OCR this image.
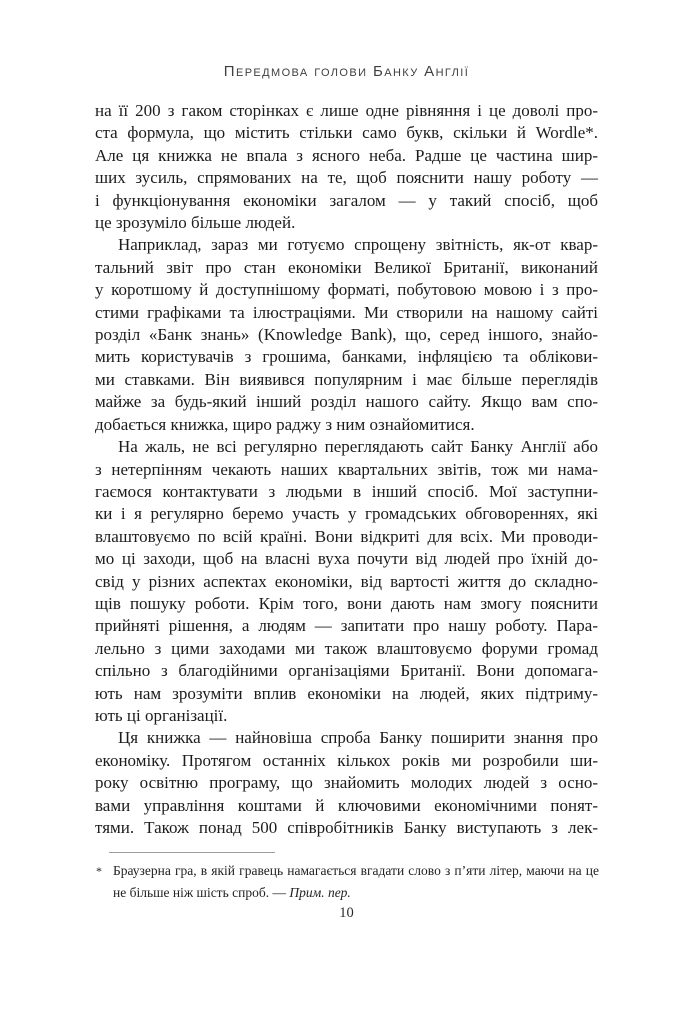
Передмова голови Банку Англії
на її 200 з гаком сторінках є лише одне рівняння і це доволі про-
ста формула, що містить стільки само букв, скільки й Wordle*.
Але ця книжка не впала з ясного неба. Радше це частина шир-
ших зусиль, спрямованих на те, щоб пояснити нашу роботу —
і функціонування економіки загалом — у такий спосіб, щоб
це зрозуміло більше людей.
Наприклад, зараз ми готуємо спрощену звітність, як-от квар-
тальний звіт про стан економіки Великої Британії, виконаний
у коротшому й доступнішому форматі, побутовою мовою і з про-
стими графіками та ілюстраціями. Ми створили на нашому сайті
розділ «Банк знань» (Knowledge Bank), що, серед іншого, знайо-
мить користувачів з грошима, банками, інфляцією та облікови-
ми ставками. Він виявився популярним і має більше переглядів
майже за будь-який інший розділ нашого сайту. Якщо вам спо-
добається книжка, щиро раджу з ним ознайомитися.
На жаль, не всі регулярно переглядають сайт Банку Англії або
з нетерпінням чекають наших квартальних звітів, тож ми нама-
гаємося контактувати з людьми в інший спосіб. Мої заступни-
ки і я регулярно беремо участь у громадських обговореннях, які
влаштовуємо по всій країні. Вони відкриті для всіх. Ми проводи-
мо ці заходи, щоб на власні вуха почути від людей про їхній до-
свід у різних аспектах економіки, від вартості життя до складно-
щів пошуку роботи. Крім того, вони дають нам змогу пояснити
прийняті рішення, а людям — запитати про нашу роботу. Пара-
лельно з цими заходами ми також влаштовуємо форуми громад
спільно з благодійними організаціями Британії. Вони допомага-
ють нам зрозуміти вплив економіки на людей, яких підтриму-
ють ці організації.
Ця книжка — найновіша спроба Банку поширити знання про
економіку. Протягом останніх кількох років ми розробили ши-
року освітню програму, що знайомить молодих людей з осно-
вами управління коштами й ключовими економічними понят-
тями. Також понад 500 співробітників Банку виступають з лек-
* Браузерна гра, в якій гравець намагається вгадати слово з п’яти літер, маючи на це не більше ніж шість спроб. — Прим. пер.
10
